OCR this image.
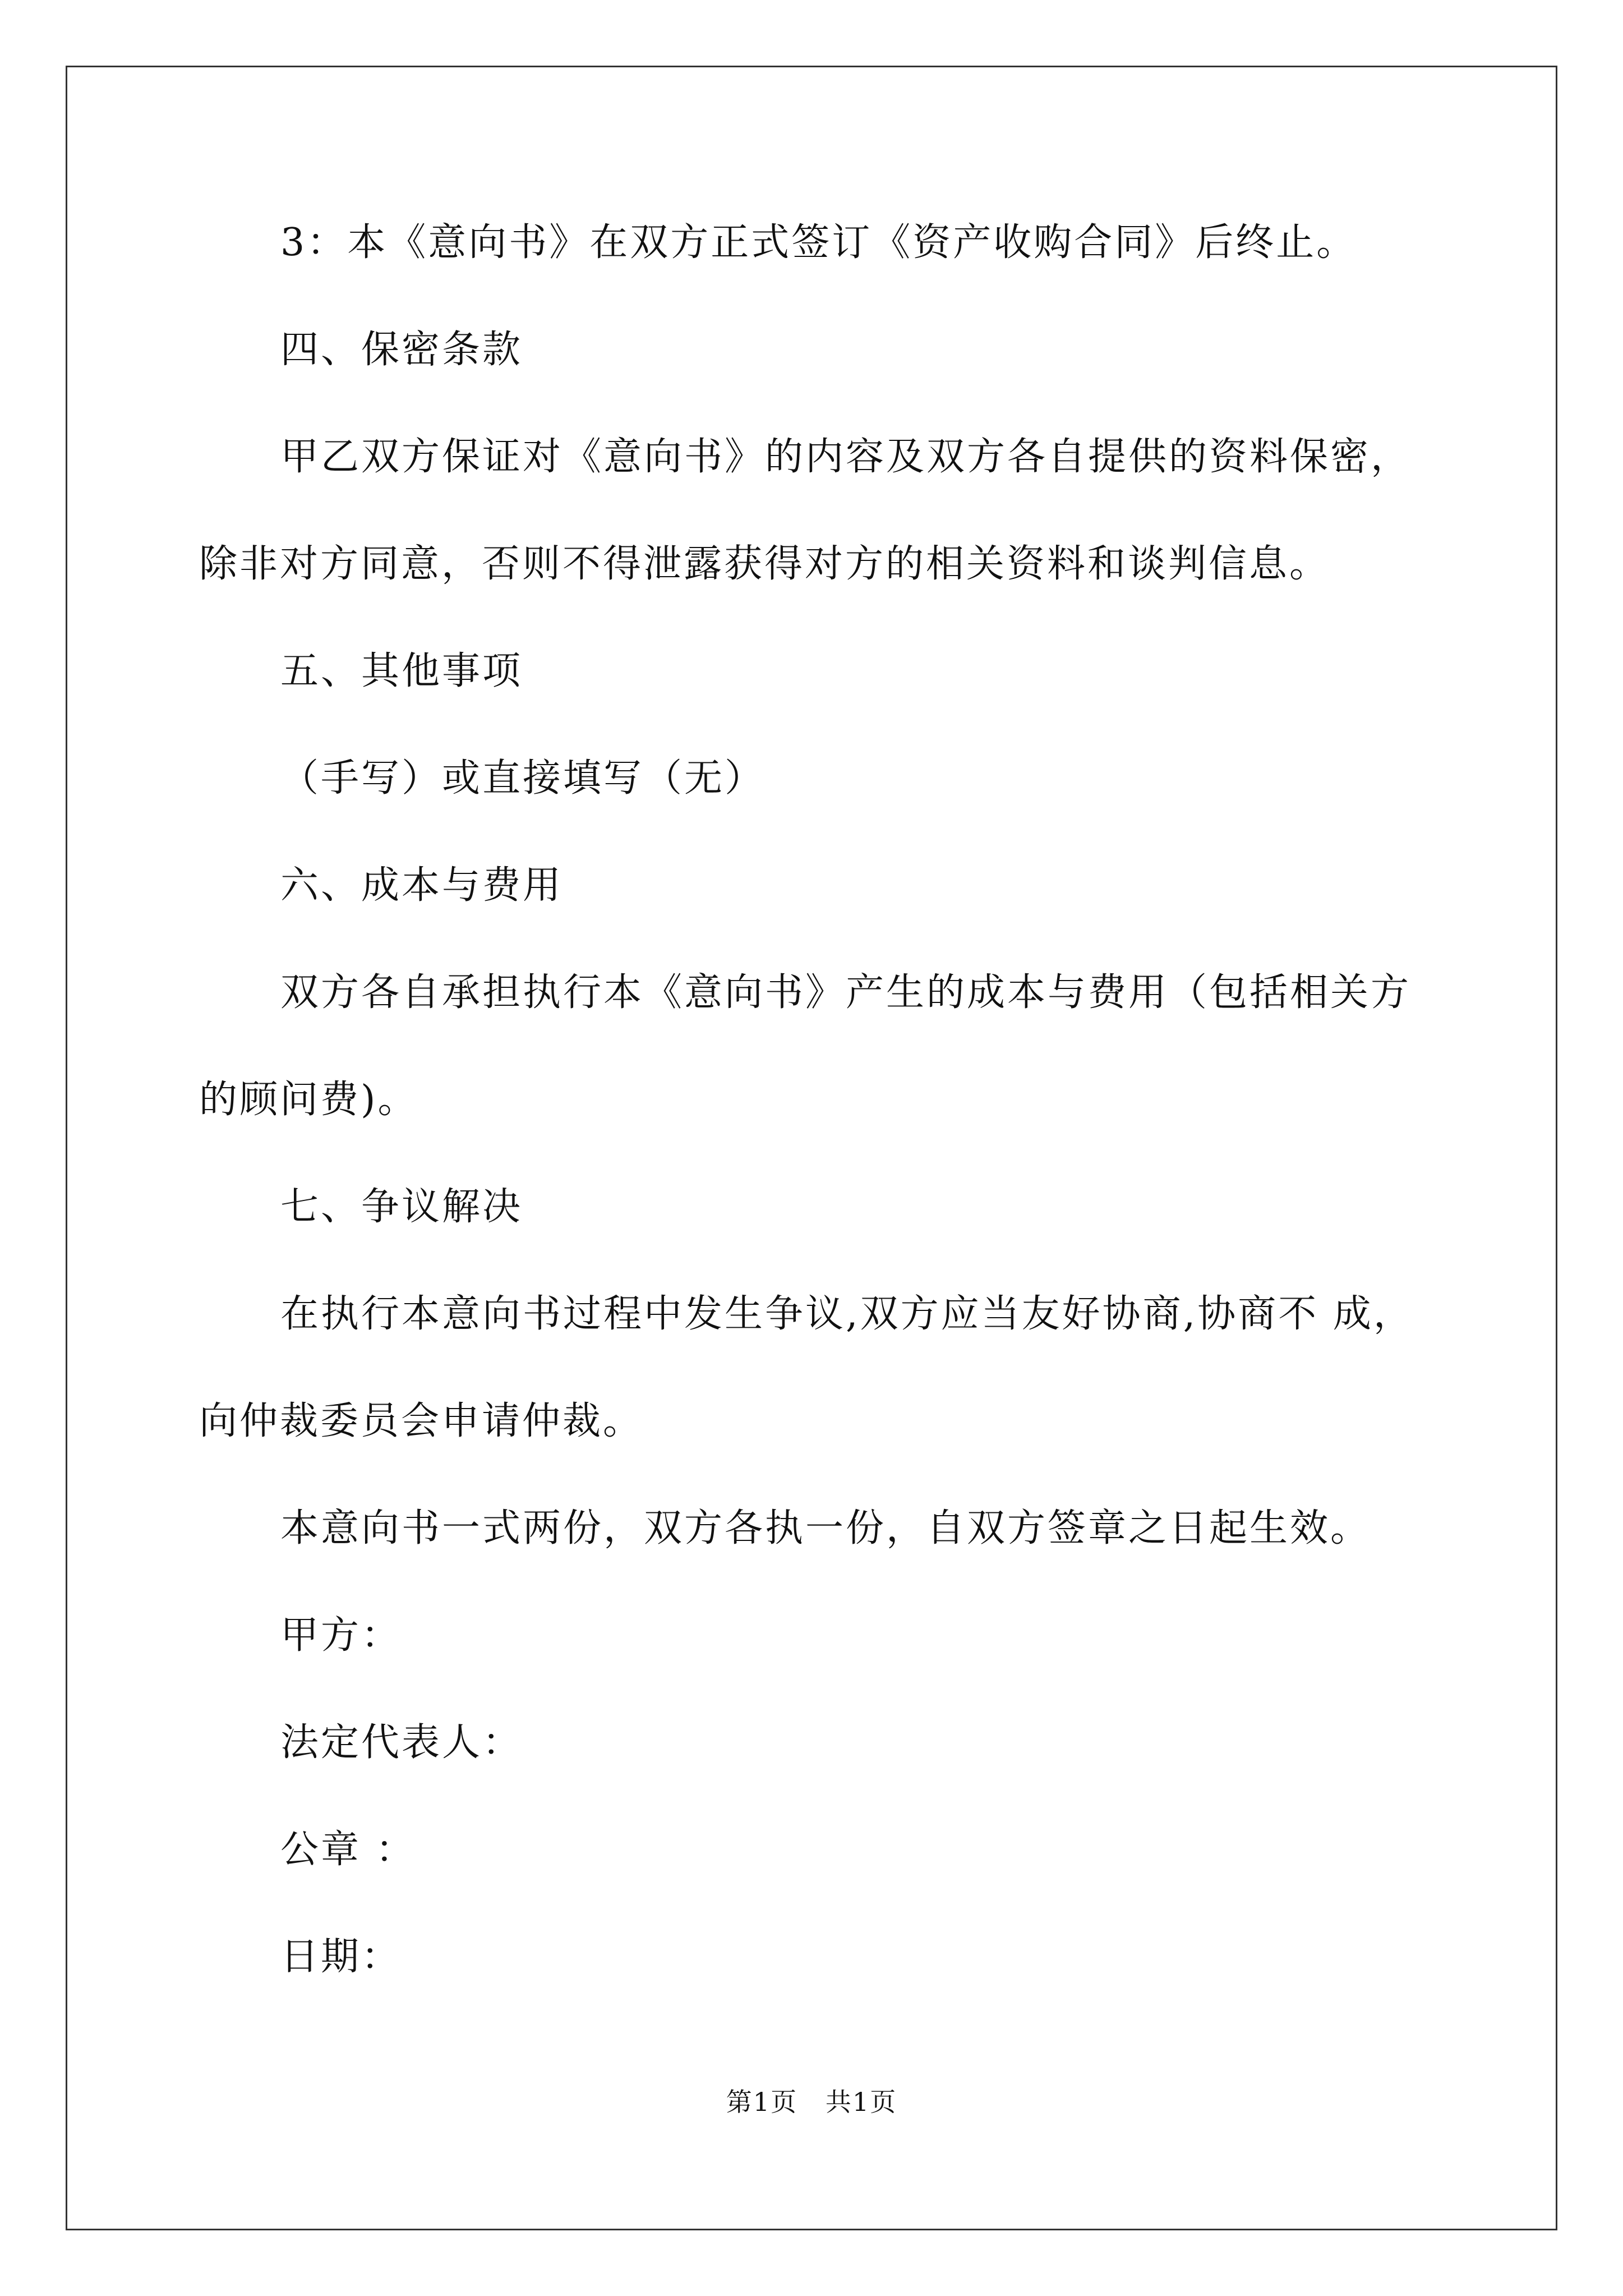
3：本《意向书》在双方正式签订《资产收购合同》后终止。
四、保密条款
甲乙双方保证对《意向书》的内容及双方各自提供的资料保密，
除非对方同意，否则不得泄露获得对方的相关资料和谈判信息。
五、其他事项
（手写）或直接填写（无）
六、成本与费用
双方各自承担执行本《意向书》产生的成本与费用（包括相关方
的顾问费)。
七、争议解决
在执行本意向书过程中发生争议,双方应当友好协商,协商不 成，
向仲裁委员会申请仲裁。
本意向书一式两份，双方各执一份，自双方签章之日起生效。
甲方：
法定代表人：
公章 ：
日期：
第1页   共1页
